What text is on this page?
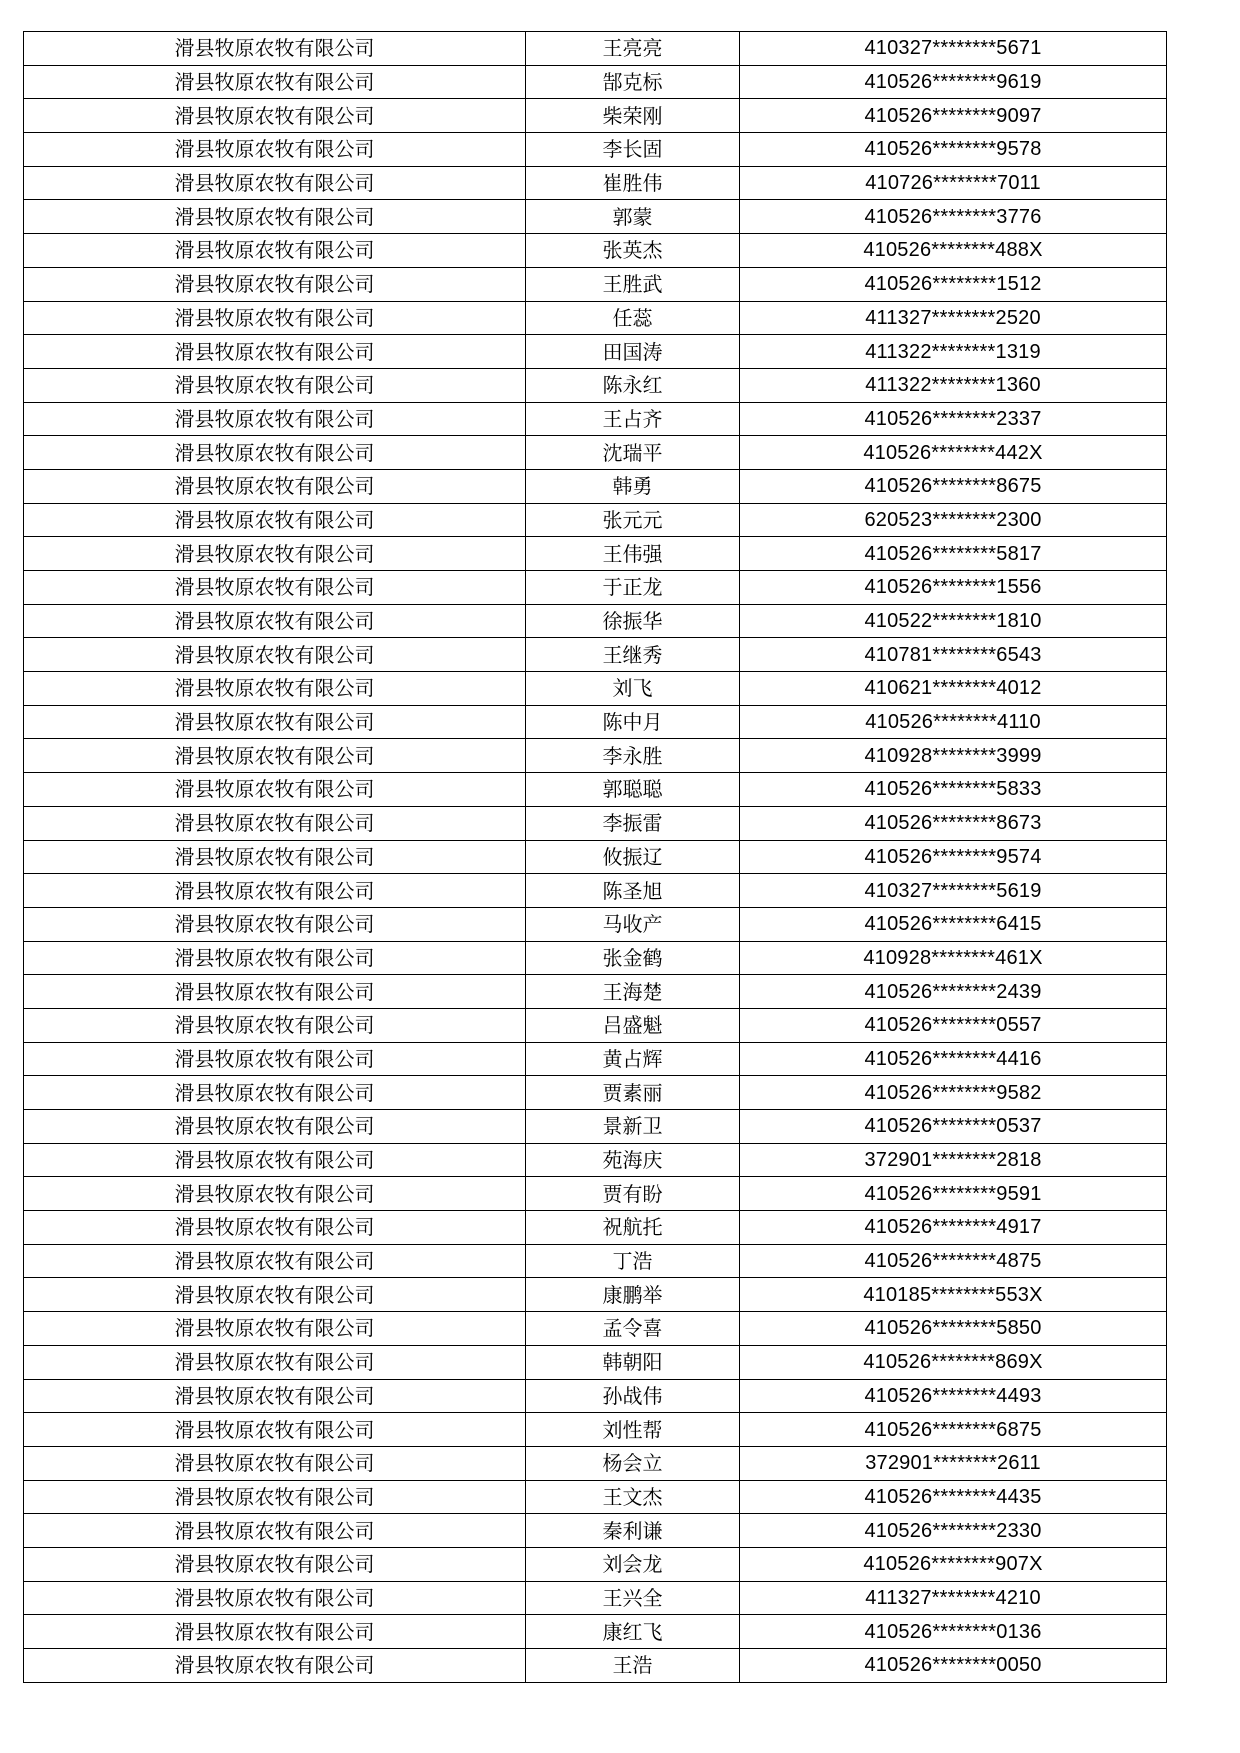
滑县牧原农牧有限公司	王亮亮	410327********5671
滑县牧原农牧有限公司	郜克标	410526********9619
滑县牧原农牧有限公司	柴荣刚	410526********9097
滑县牧原农牧有限公司	李长固	410526********9578
滑县牧原农牧有限公司	崔胜伟	410726********7011
滑县牧原农牧有限公司	郭蒙	410526********3776
滑县牧原农牧有限公司	张英杰	410526********488X
滑县牧原农牧有限公司	王胜武	410526********1512
滑县牧原农牧有限公司	任蕊	411327********2520
滑县牧原农牧有限公司	田国涛	411322********1319
滑县牧原农牧有限公司	陈永红	411322********1360
滑县牧原农牧有限公司	王占齐	410526********2337
滑县牧原农牧有限公司	沈瑞平	410526********442X
滑县牧原农牧有限公司	韩勇	410526********8675
滑县牧原农牧有限公司	张元元	620523********2300
滑县牧原农牧有限公司	王伟强	410526********5817
滑县牧原农牧有限公司	于正龙	410526********1556
滑县牧原农牧有限公司	徐振华	410522********1810
滑县牧原农牧有限公司	王继秀	410781********6543
滑县牧原农牧有限公司	刘飞	410621********4012
滑县牧原农牧有限公司	陈中月	410526********4110
滑县牧原农牧有限公司	李永胜	410928********3999
滑县牧原农牧有限公司	郭聪聪	410526********5833
滑县牧原农牧有限公司	李振雷	410526********8673
滑县牧原农牧有限公司	攸振辽	410526********9574
滑县牧原农牧有限公司	陈圣旭	410327********5619
滑县牧原农牧有限公司	马收产	410526********6415
滑县牧原农牧有限公司	张金鹤	410928********461X
滑县牧原农牧有限公司	王海楚	410526********2439
滑县牧原农牧有限公司	吕盛魁	410526********0557
滑县牧原农牧有限公司	黄占辉	410526********4416
滑县牧原农牧有限公司	贾素丽	410526********9582
滑县牧原农牧有限公司	景新卫	410526********0537
滑县牧原农牧有限公司	苑海庆	372901********2818
滑县牧原农牧有限公司	贾有盼	410526********9591
滑县牧原农牧有限公司	祝航托	410526********4917
滑县牧原农牧有限公司	丁浩	410526********4875
滑县牧原农牧有限公司	康鹏举	410185********553X
滑县牧原农牧有限公司	孟令喜	410526********5850
滑县牧原农牧有限公司	韩朝阳	410526********869X
滑县牧原农牧有限公司	孙战伟	410526********4493
滑县牧原农牧有限公司	刘性帮	410526********6875
滑县牧原农牧有限公司	杨会立	372901********2611
滑县牧原农牧有限公司	王文杰	410526********4435
滑县牧原农牧有限公司	秦利谦	410526********2330
滑县牧原农牧有限公司	刘会龙	410526********907X
滑县牧原农牧有限公司	王兴全	411327********4210
滑县牧原农牧有限公司	康红飞	410526********0136
滑县牧原农牧有限公司	王浩	410526********0050
